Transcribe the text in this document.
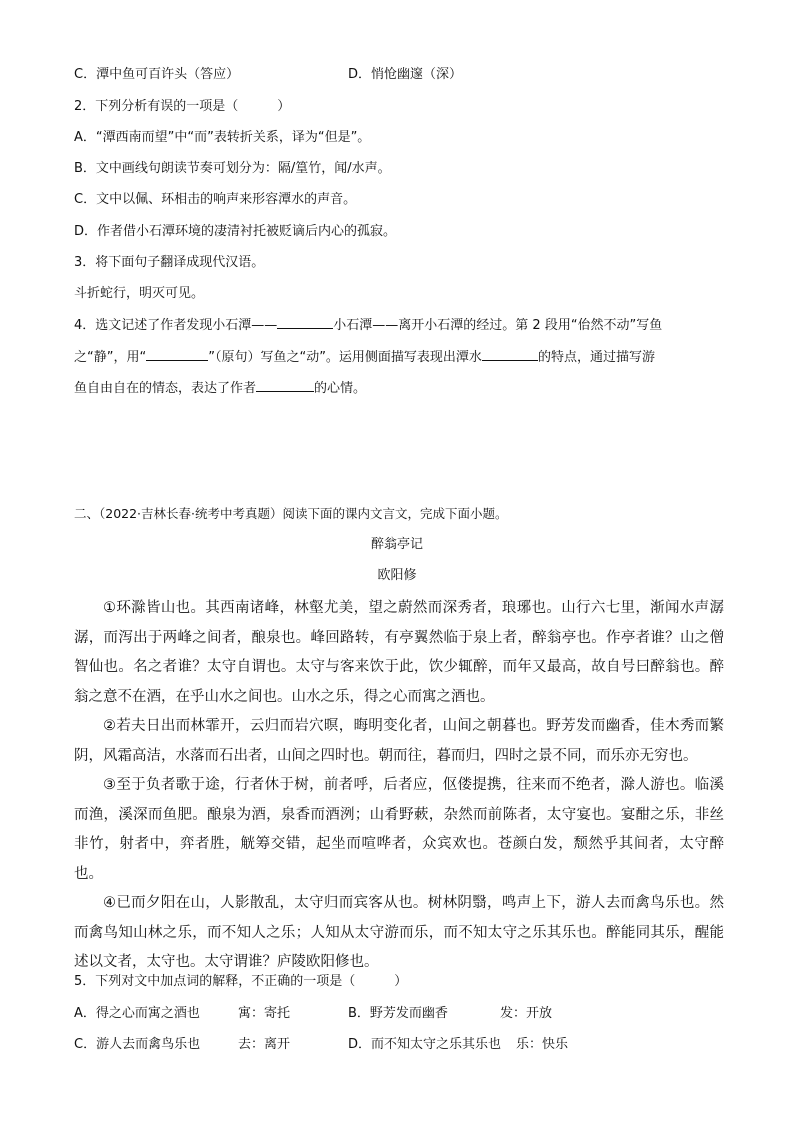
C．潭中鱼可百许头（答应）	D．悄怆幽邃（深）
2．下列分析有误的一项是（　　　）
A．“潭西南而望”中“而”表转折关系，译为“但是”。
B．文中画线句朗读节奏可划分为：隔/篁竹，闻/水声。
C．文中以佩、环相击的响声来形容潭水的声音。
D．作者借小石潭环境的凄清衬托被贬谪后内心的孤寂。
3．将下面句子翻译成现代汉语。
斗折蛇行，明灭可见。
4．选文记述了作者发现小石潭——	小石潭——离开小石潭的经过。第 2 段用“佁然不动”写鱼
之“静”，用“	”（原句）写鱼之“动”。运用侧面描写表现出潭水	的特点，通过描写游
鱼自由自在的情态，表达了作者	的心情。
二、（2022·吉林长春·统考中考真题）阅读下面的课内文言文，完成下面小题。
醉翁亭记
欧阳修

①环滁皆山也。其西南诸峰，林壑尤美，望之蔚然而深秀者，琅琊也。山行六七里，渐闻水声潺潺，而泻出于两峰之间者，酿泉也。峰回路转，有亭翼然临于泉上者，醉翁亭也。作亭者谁？山之僧智仙也。名之者谁？太守自谓也。太守与客来饮于此，饮少辄醉，而年又最高，故自号曰醉翁也。醉翁之意不在酒，在乎山水之间也。山水之乐，得之心而寓之酒也。

②若夫日出而林霏开，云归而岩穴暝，晦明变化者，山间之朝暮也。野芳发而幽香，佳木秀而繁阴，风霜高洁，水落而石出者，山间之四时也。朝而往，暮而归，四时之景不同，而乐亦无穷也。

③至于负者歌于途，行者休于树，前者呼，后者应，伛偻提携，往来而不绝者，滁人游也。临溪而渔，溪深而鱼肥。酿泉为酒，泉香而酒洌；山肴野蔌，杂然而前陈者，太守宴也。宴酣之乐，非丝非竹，射者中，弈者胜，觥筹交错，起坐而喧哗者，众宾欢也。苍颜白发，颓然乎其间者，太守醉也。

④已而夕阳在山，人影散乱，太守归而宾客从也。树林阴翳，鸣声上下，游人去而禽鸟乐也。然而禽鸟知山林之乐，而不知人之乐；人知从太守游而乐，而不知太守之乐其乐也。醉能同其乐，醒能述以文者，太守也。太守谓谁？庐陵欧阳修也。

5．下列对文中加点词的解释，不正确的一项是（　　　）
A．得之心而寓之酒也	寓：寄托	B．野芳发而幽香	发：开放
C．游人去而禽鸟乐也	去：离开	D．而不知太守之乐其乐也 乐：快乐
